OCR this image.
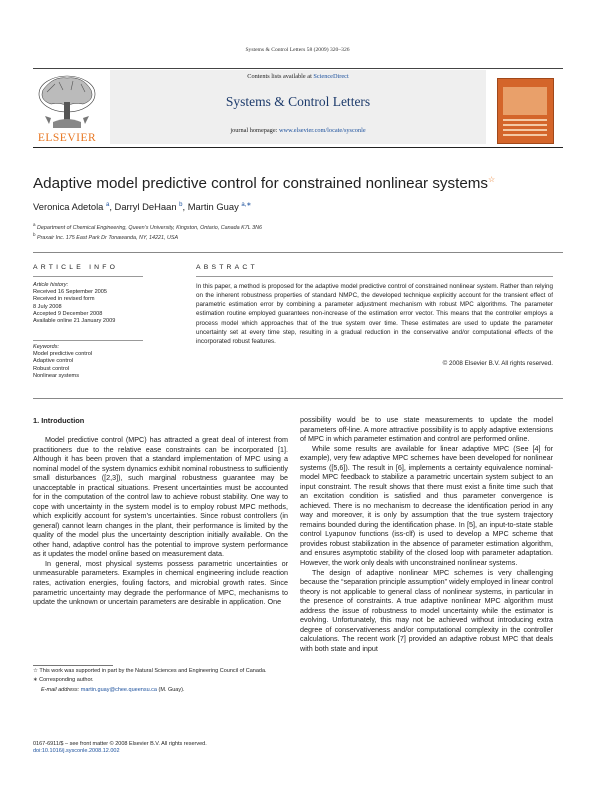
Systems & Control Letters 58 (2009) 320–326
ELSEVIER
Contents lists available at ScienceDirect
Systems & Control Letters
journal homepage: www.elsevier.com/locate/sysconle
Adaptive model predictive control for constrained nonlinear systems☆
Veronica Adetola $^a$, Darryl DeHaan $^b$, Martin Guay $^{a,∗}$
$^a$ Department of Chemical Engineering, Queen’s University, Kingston, Ontario, Canada K7L 3N6
$^b$ Praxair Inc. 175 East Park Dr Tonawanda, NY, 14221, USA
ARTICLE INFO	ABSTRACT
Article history:
Received 16 September 2005
Received in revised form
8 July 2008
Accepted 9 December 2008
Available online 21 January 2009
Keywords:
Model predictive control
Adaptive control
Robust control
Nonlinear systems
In this paper, a method is proposed for the adaptive model predictive control of constrained nonlinear system. Rather than relying on the inherent robustness properties of standard NMPC, the developed technique explicitly account for the transient effect of parametric estimation error by combining a parameter adjustment mechanism with robust MPC algorithms. The parameter estimation routine employed guarantees non-increase of the estimation error vector. This means that the controller employs a process model which approaches that of the true system over time. These estimates are used to update the parameter uncertainty set at every time step, resulting in a gradual reduction in the conservative and/or computational effects of the incorporated robust features.
© 2008 Elsevier B.V. All rights reserved.
1. Introduction

Model predictive control (MPC) has attracted a great deal of interest from practitioners due to the relative ease constraints can be incorporated [1]. Although it has been proven that a standard implementation of MPC using a nominal model of the system dynamics exhibit nominal robustness to sufficiently small disturbances ([2,3]), such marginal robustness guarantee may be unacceptable in practical situations. Present uncertainties must be accounted for in the computation of the control law to achieve robust stability. One way to cope with uncertainty in the system model is to employ robust MPC methods, which explicitly account for system’s uncertainties. Since robust controllers (in general) cannot learn changes in the plant, their performance is limited by the quality of the model plus the uncertainty description initially available. On the other hand, adaptive control has the potential to improve system performance as it updates the model online based on measurement data.

In general, most physical systems possess parametric uncertainties or unmeasurable parameters. Examples in chemical engineering include reaction rates, activation energies, fouling factors, and microbial growth rates. Since parametric uncertainty may degrade the performance of MPC, mechanisms to update the unknown or uncertain parameters are desirable in application. One

possibility would be to use state measurements to update the model parameters off-line. A more attractive possibility is to apply adaptive extensions of MPC in which parameter estimation and control are performed online.

While some results are available for linear adaptive MPC (See [4] for example), very few adaptive MPC schemes have been developed for nonlinear systems ([5,6]). The result in [6], implements a certainty equivalence nominal-model MPC feedback to stabilize a parametric uncertain system subject to an input constraint. The result shows that there must exist a finite time such that an excitation condition is satisfied and thus parameter convergence is achieved. There is no mechanism to decrease the identification period in any way and moreover, it is only by assumption that the true system trajectory remains bounded during the identification phase. In [5], an input-to-state stable control Lyapunov functions (iss-clf) is used to develop a MPC scheme that provides robust stabilization in the absence of parameter estimation algorithm, and ensures asymptotic stability of the closed loop with parameter adaptation. However, the work only deals with unconstrained nonlinear systems.

The design of adaptive nonlinear MPC schemes is very challenging because the “separation principle assumption” widely employed in linear control theory is not applicable to general class of nonlinear systems, in particular in the presence of constraints. A true adaptive nonlinear MPC algorithm must address the issue of robustness to model uncertainty while the estimator is evolving. Unfortunately, this may not be achieved without introducing extra degree of conservativeness and/or computational complexity in the controller calculations. The recent work [7] provided an adaptive robust MPC that deals with both state and input

☆ This work was supported in part by the Natural Sciences and Engineering Council of Canada.
∗ Corresponding author.
E-mail address: martin.guay@chee.queensu.ca (M. Guay).
0167-6911/$ – see front matter © 2008 Elsevier B.V. All rights reserved.
doi:10.1016/j.sysconle.2008.12.002
